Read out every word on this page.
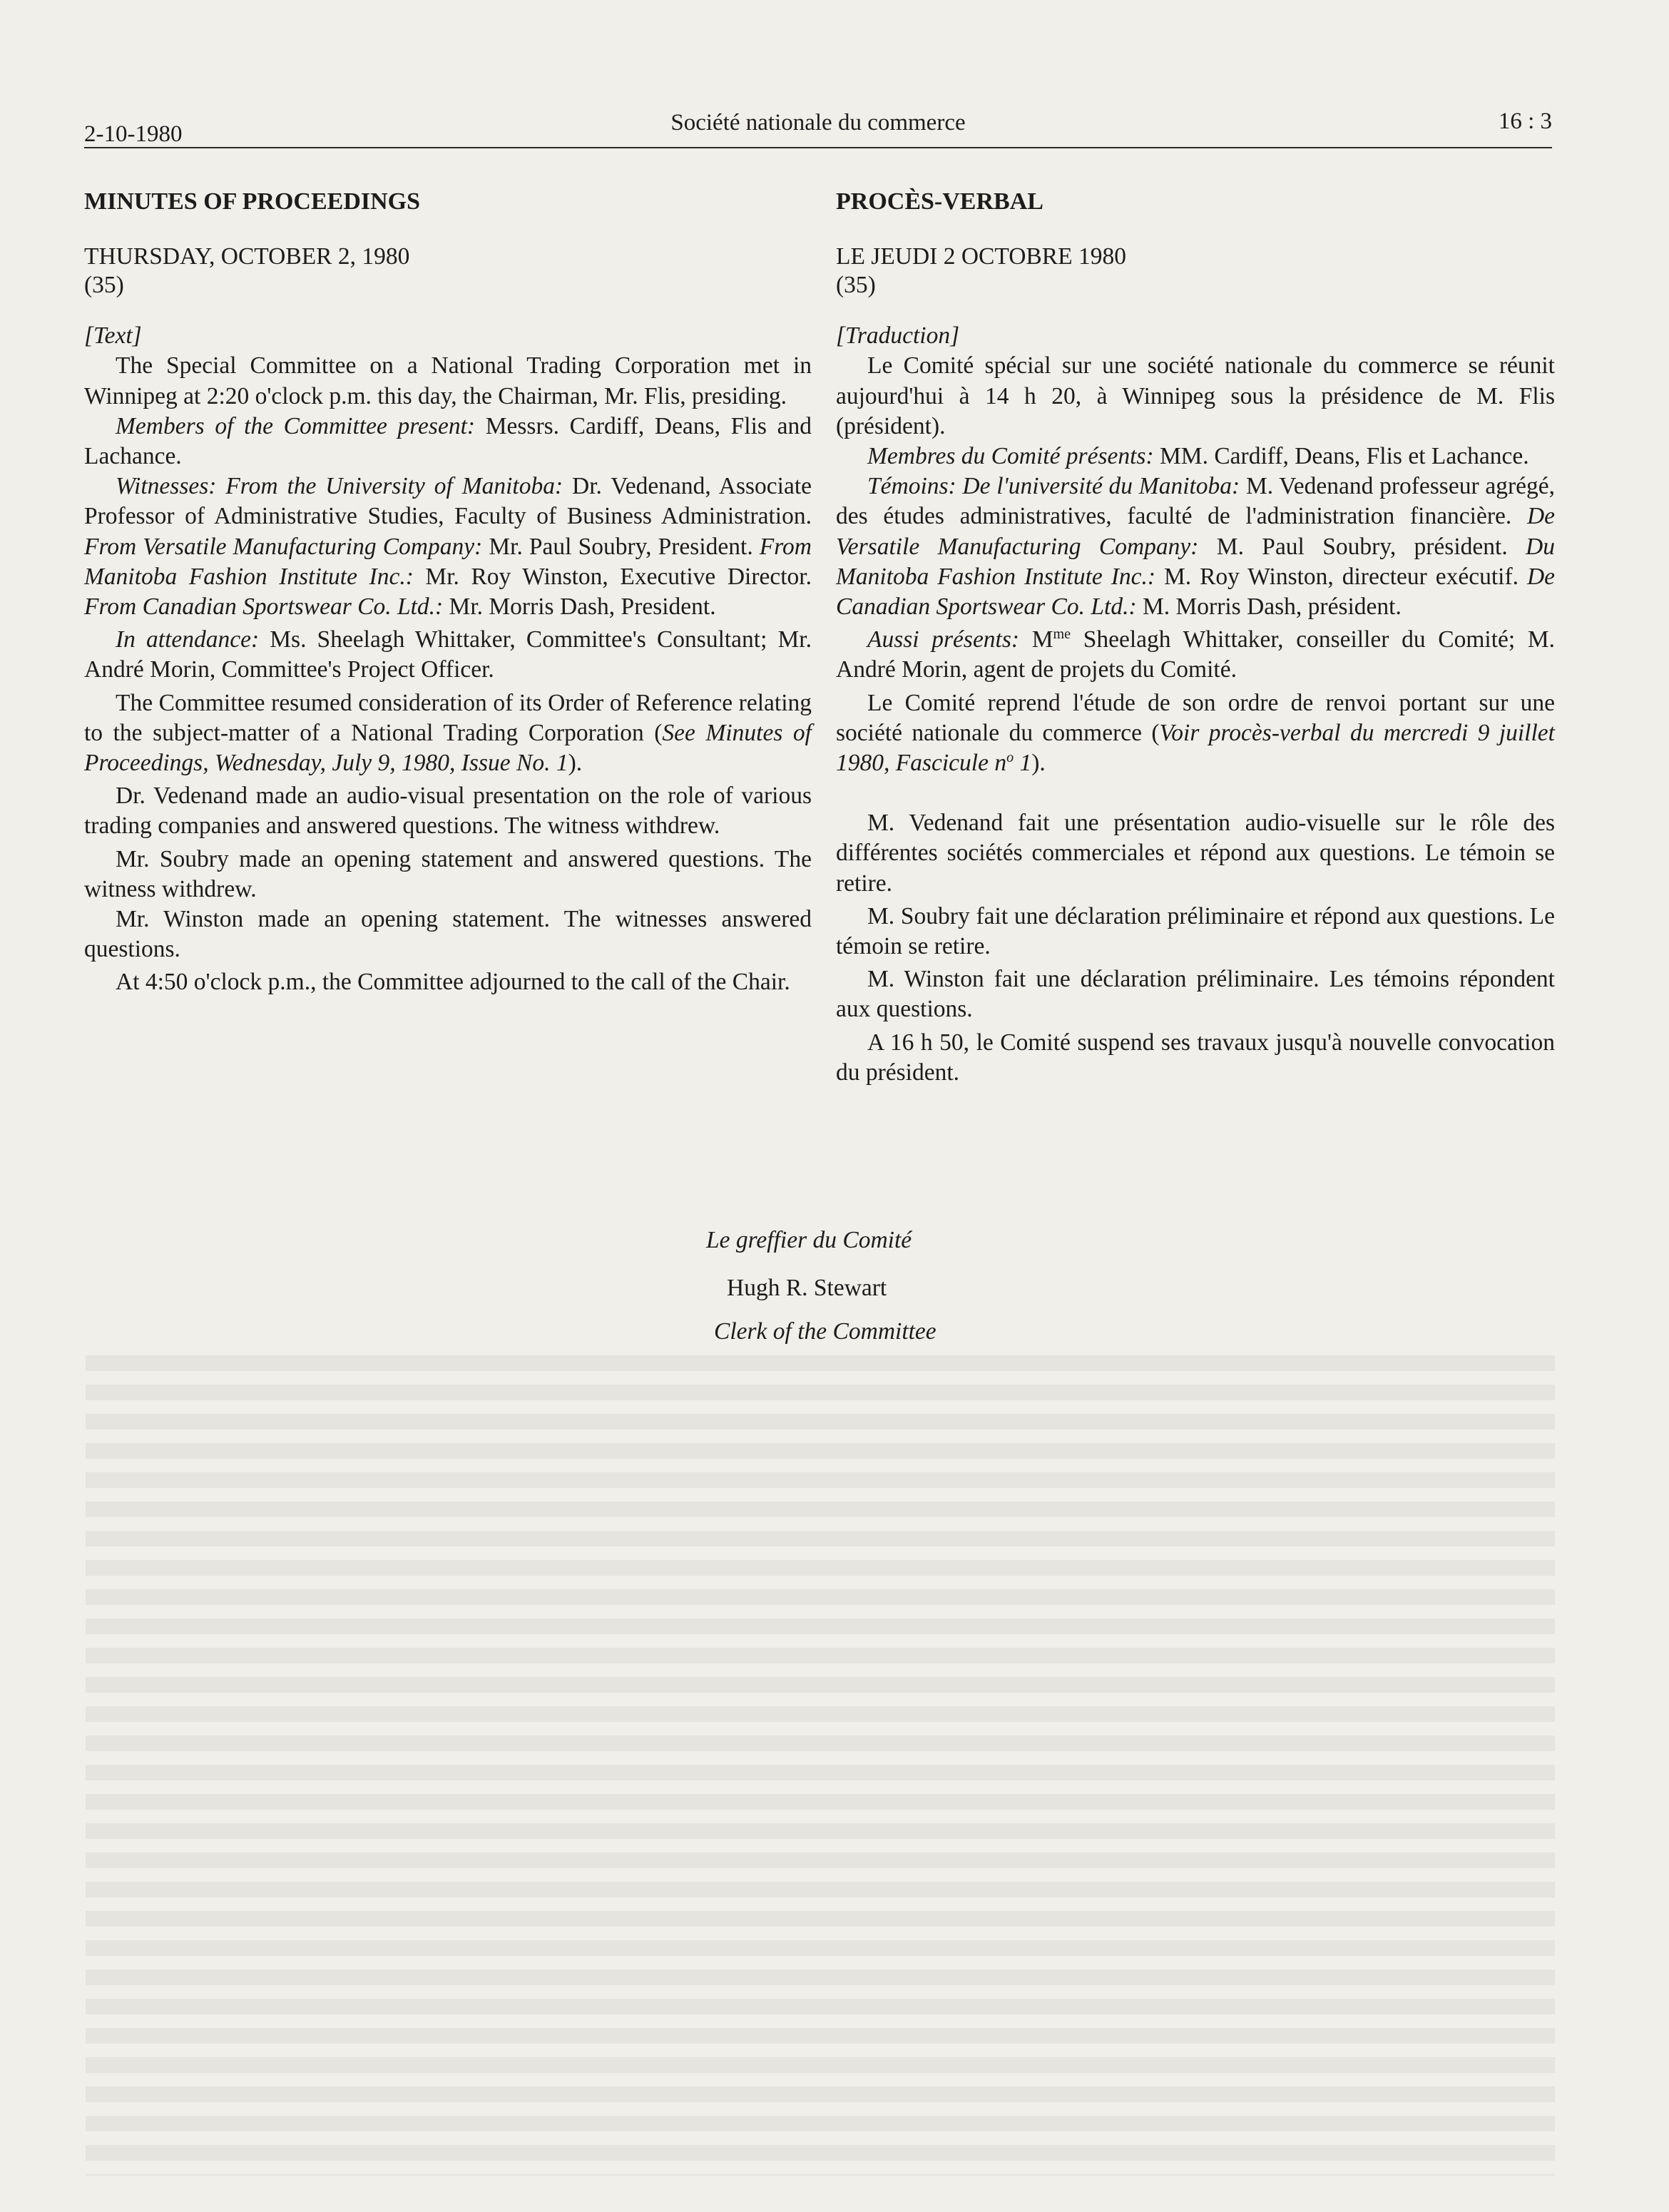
2-10-1980	Société nationale du commerce	16 : 3

MINUTES OF PROCEEDINGS

THURSDAY, OCTOBER 2, 1980
(35)

[Text]

The Special Committee on a National Trading Corporation met in Winnipeg at 2:20 o'clock p.m. this day, the Chairman, Mr. Flis, presiding.

Members of the Committee present: Messrs. Cardiff, Deans, Flis and Lachance.

Witnesses: From the University of Manitoba: Dr. Vedenand, Associate Professor of Administrative Studies, Faculty of Business Administration. From Versatile Manufacturing Company: Mr. Paul Soubry, President. From Manitoba Fashion Institute Inc.: Mr. Roy Winston, Executive Director. From Canadian Sportswear Co. Ltd.: Mr. Morris Dash, President.

In attendance: Ms. Sheelagh Whittaker, Committee's Consultant; Mr. André Morin, Committee's Project Officer.

The Committee resumed consideration of its Order of Reference relating to the subject-matter of a National Trading Corporation (See Minutes of Proceedings, Wednesday, July 9, 1980, Issue No. 1).

Dr. Vedenand made an audio-visual presentation on the role of various trading companies and answered questions. The witness withdrew.

Mr. Soubry made an opening statement and answered questions. The witness withdrew.

Mr. Winston made an opening statement. The witnesses answered questions.

At 4:50 o'clock p.m., the Committee adjourned to the call of the Chair.

PROCÈS-VERBAL

LE JEUDI 2 OCTOBRE 1980
(35)

[Traduction]

Le Comité spécial sur une société nationale du commerce se réunit aujourd'hui à 14 h 20, à Winnipeg sous la présidence de M. Flis (président).

Membres du Comité présents: MM. Cardiff, Deans, Flis et Lachance.

Témoins: De l'université du Manitoba: M. Vedenand professeur agrégé, des études administratives, faculté de l'administration financière. De Versatile Manufacturing Company: M. Paul Soubry, président. Du Manitoba Fashion Institute Inc.: M. Roy Winston, directeur exécutif. De Canadian Sportswear Co. Ltd.: M. Morris Dash, président.

Aussi présents: $M^{me}$ Sheelagh Whittaker, conseiller du Comité; M. André Morin, agent de projets du Comité.

Le Comité reprend l'étude de son ordre de renvoi portant sur une société nationale du commerce (Voir procès-verbal du mercredi 9 juillet 1980, Fascicule $n^o$ 1).

M. Vedenand fait une présentation audio-visuelle sur le rôle des différentes sociétés commerciales et répond aux questions. Le témoin se retire.

M. Soubry fait une déclaration préliminaire et répond aux questions. Le témoin se retire.

M. Winston fait une déclaration préliminaire. Les témoins répondent aux questions.

A 16 h 50, le Comité suspend ses travaux jusqu'à nouvelle convocation du président.

Le greffier du Comité
Hugh R. Stewart
Clerk of the Committee
